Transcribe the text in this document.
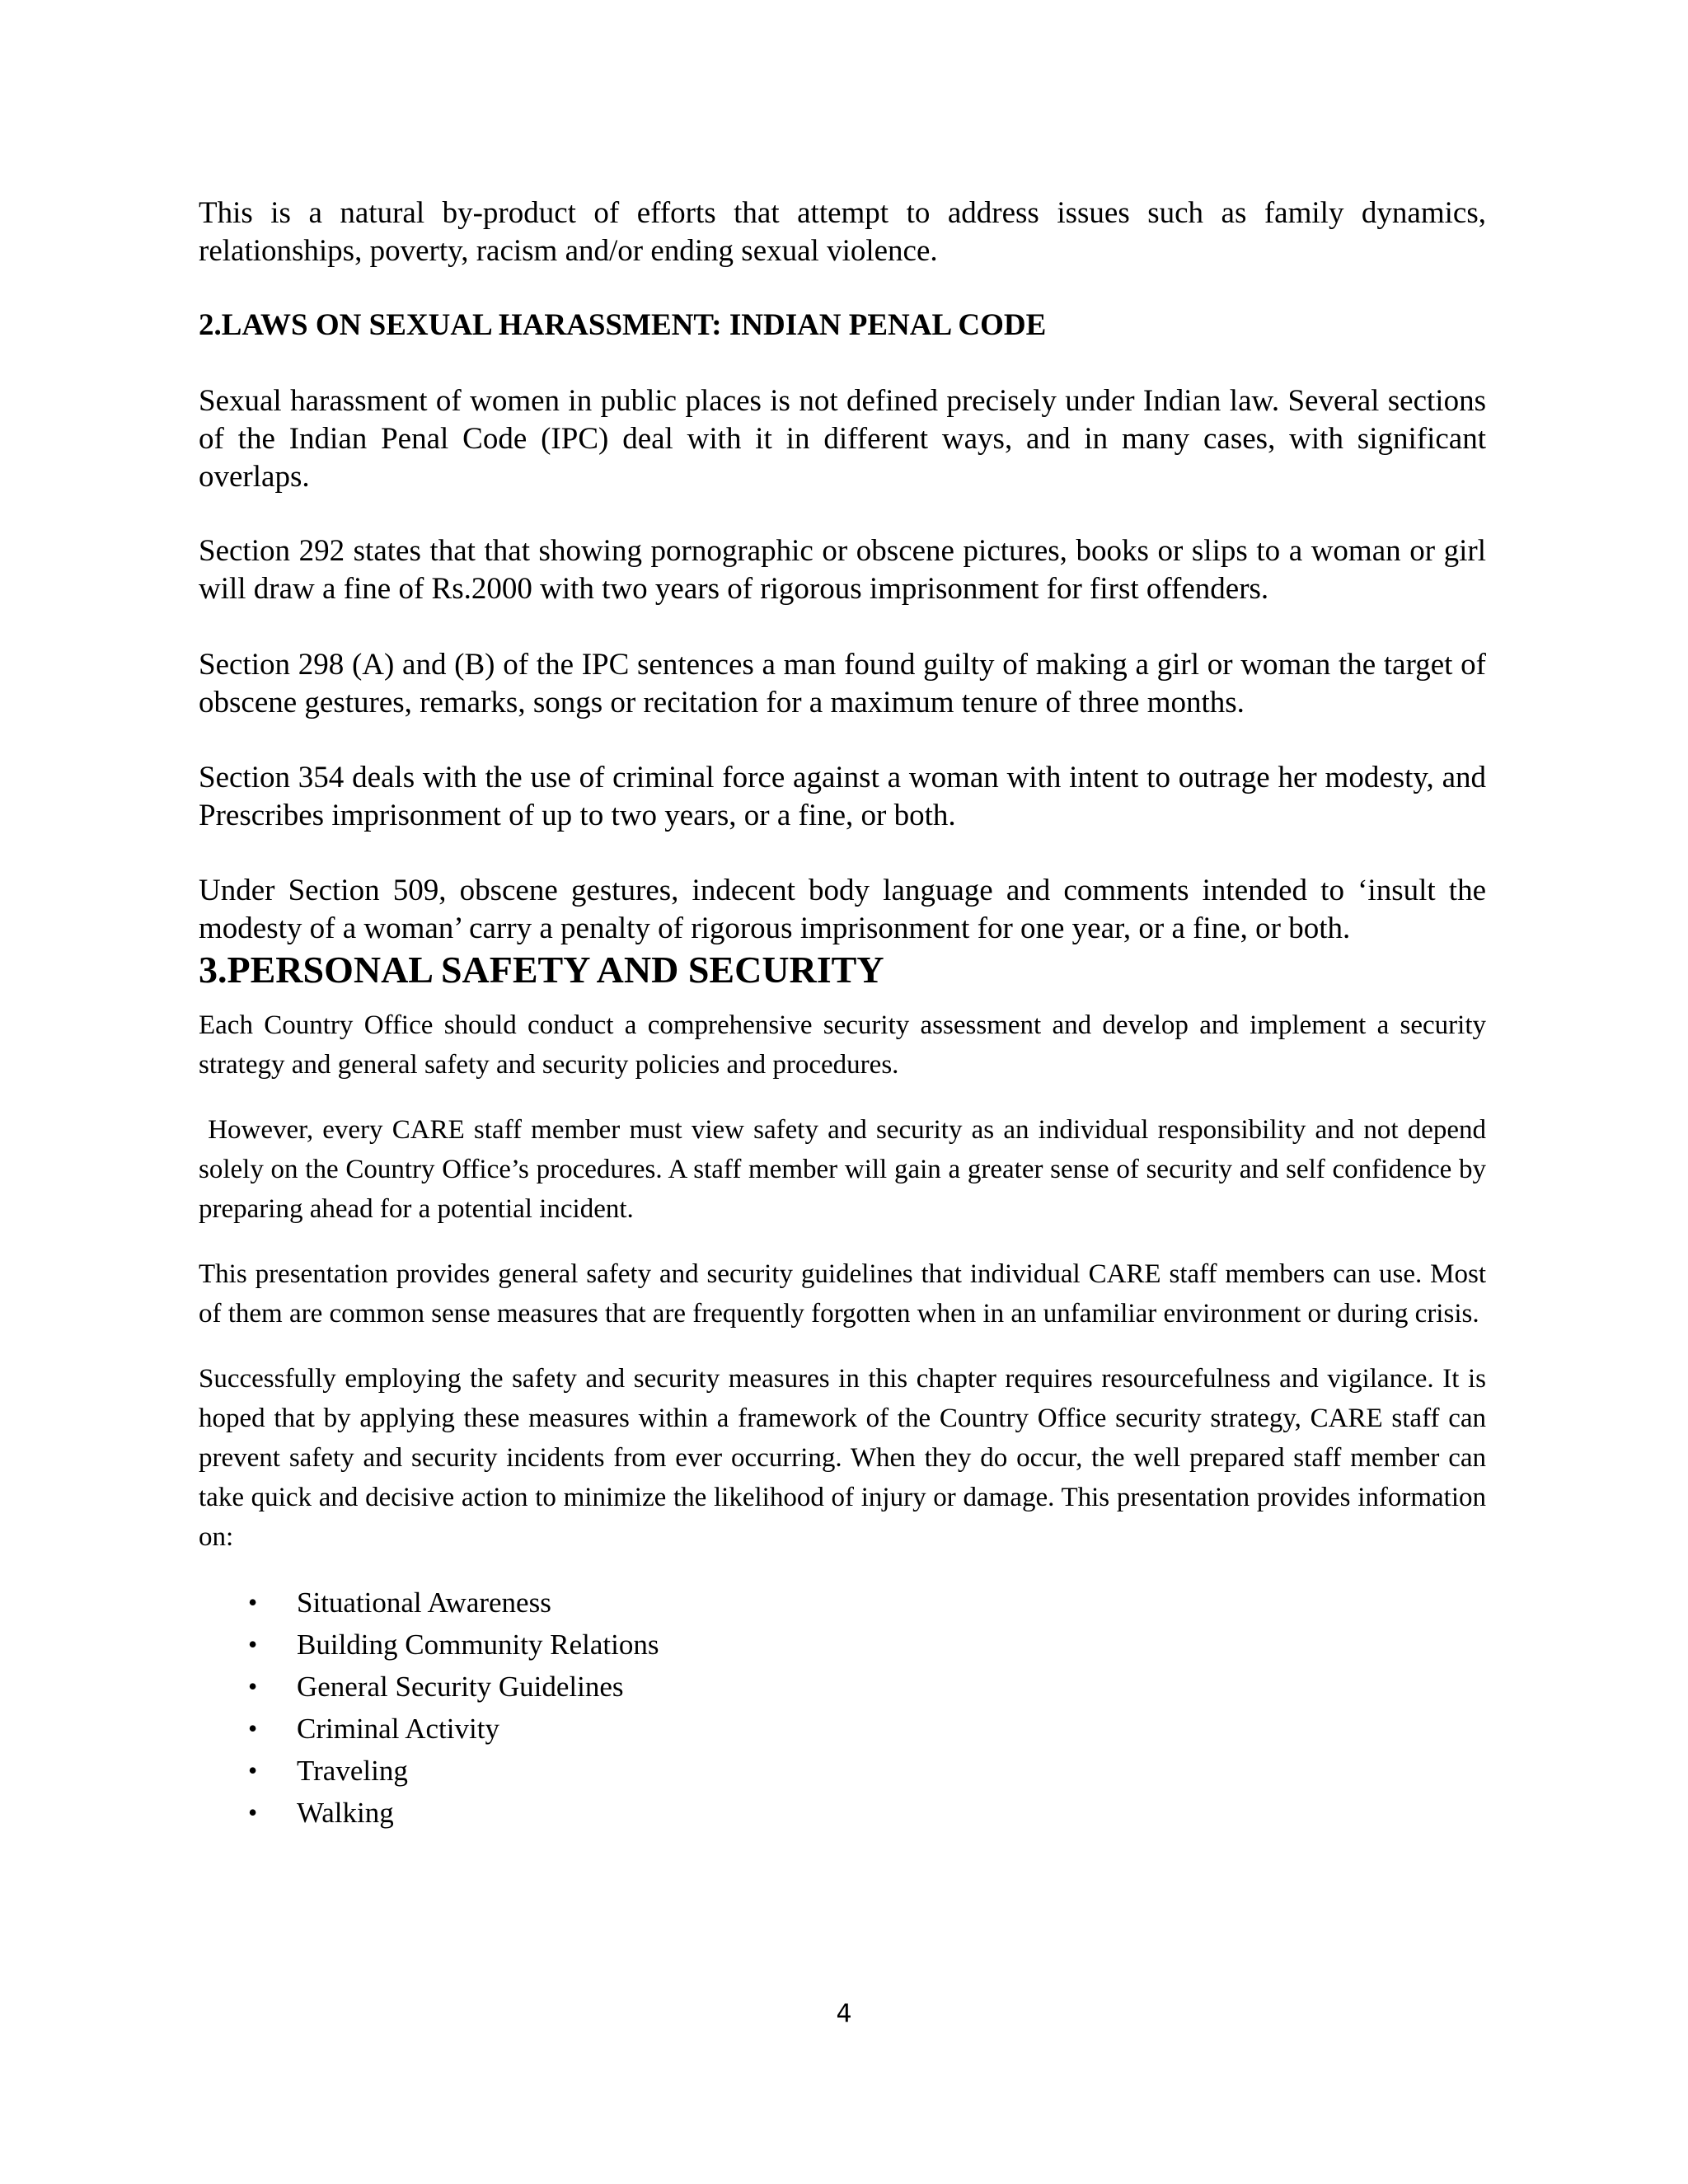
This is a natural by-product of efforts that attempt to address issues such as family dynamics, relationships, poverty, racism and/or ending sexual violence.

2.LAWS ON SEXUAL HARASSMENT: INDIAN PENAL CODE

Sexual harassment of women in public places is not defined precisely under Indian law. Several sections of the Indian Penal Code (IPC) deal with it in different ways, and in many cases, with significant overlaps.

Section 292 states that that showing pornographic or obscene pictures, books or slips to a woman or girl will draw a fine of Rs.2000 with two years of rigorous imprisonment for first offenders.

Section 298 (A) and (B) of the IPC sentences a man found guilty of making a girl or woman the target of obscene gestures, remarks, songs or recitation for a maximum tenure of three months.

Section 354 deals with the use of criminal force against a woman with intent to outrage her modesty, and Prescribes imprisonment of up to two years, or a fine, or both.

Under Section 509, obscene gestures, indecent body language and comments intended to ‘insult the modesty of a woman’ carry a penalty of rigorous imprisonment for one year, or a fine, or both.

3.PERSONAL SAFETY AND SECURITY

Each Country Office should conduct a comprehensive security assessment and develop and implement a security strategy and general safety and security policies and procedures.

However, every CARE staff member must view safety and security as an individual responsibility and not depend solely on the Country Office’s procedures. A staff member will gain a greater sense of security and self confidence by preparing ahead for a potential incident.

This presentation provides general safety and security guidelines that individual CARE staff members can use. Most of them are common sense measures that are frequently forgotten when in an unfamiliar environment or during crisis.

Successfully employing the safety and security measures in this chapter requires resourcefulness and vigilance. It is hoped that by applying these measures within a framework of the Country Office security strategy, CARE staff can prevent safety and security incidents from ever occurring. When they do occur, the well prepared staff member can take quick and decisive action to minimize the likelihood of injury or damage. This presentation provides information on:

• Situational Awareness
• Building Community Relations
• General Security Guidelines
• Criminal Activity
• Traveling
• Walking
4
